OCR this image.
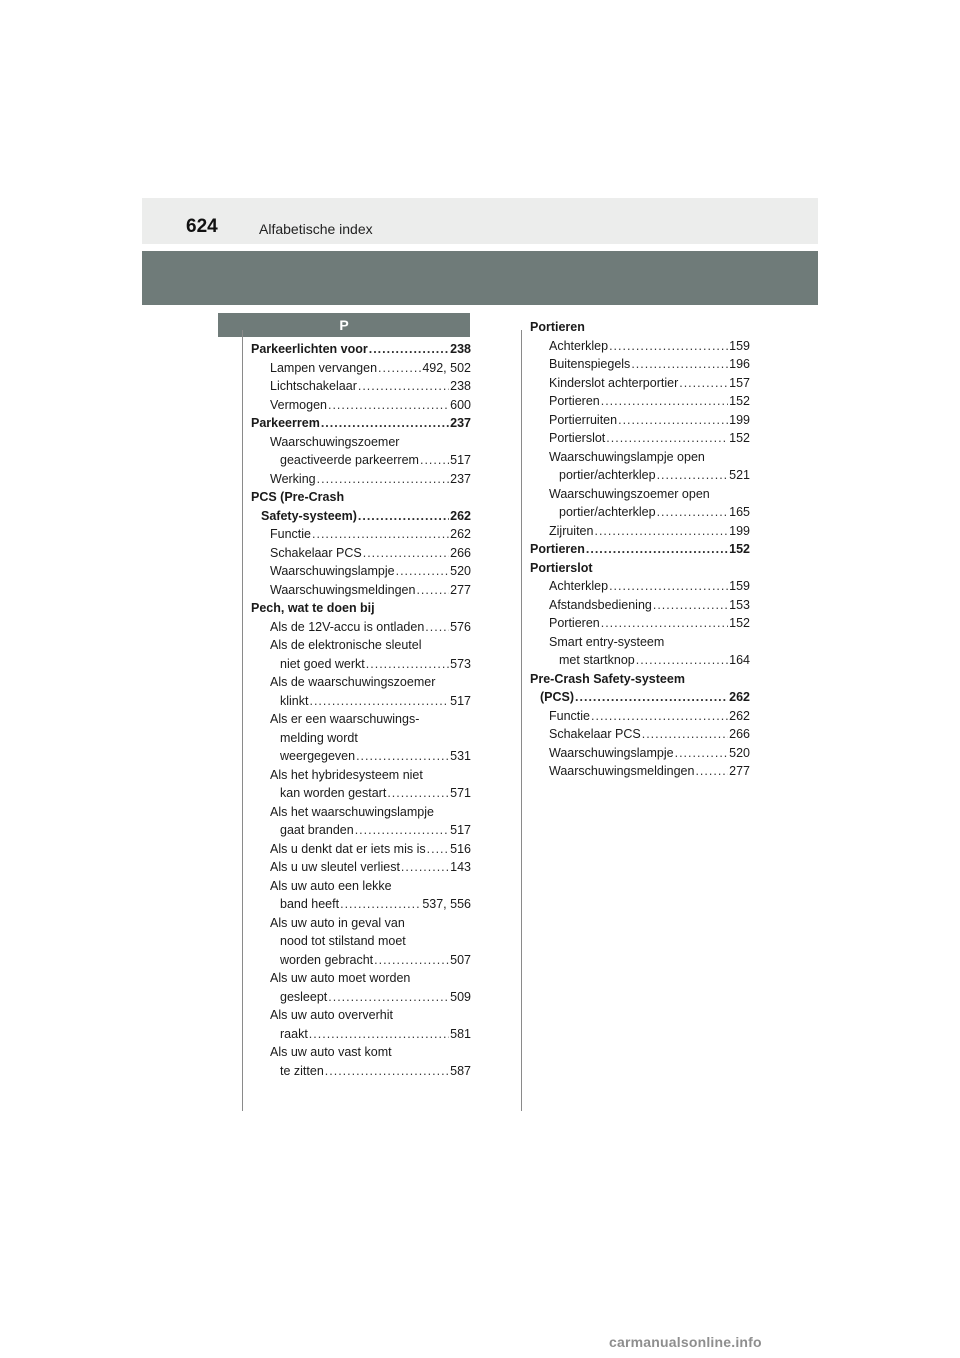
624	Alfabetische index
P
Parkeerlichten voor .....	238
Lampen vervangen .....	492, 502
Lichtschakelaar .....	238
Vermogen .....	600
Parkeerrem .....	237
Waarschuwingszoemer
geactiveerde parkeerrem ..... 517
Werking .....	237
PCS (Pre-Crash
Safety-systeem) .....	262
Functie .....	262
Schakelaar PCS .....	266
Waarschuwingslampje .....	520
Waarschuwingsmeldingen .....	277
Pech, wat te doen bij
Als de 12V-accu is ontladen ..... 576
Als de elektronische sleutel
niet goed werkt .....	573
Als de waarschuwingszoemer
klinkt .....	517
Als er een waarschuwings-
melding wordt
weergegeven .....	531
Als het hybridesysteem niet
kan worden gestart .....	571
Als het waarschuwingslampje
gaat branden .....	517
Als u denkt dat er iets mis is ..... 516
Als u uw sleutel verliest .....	143
Als uw auto een lekke
band heeft .....	537, 556
Als uw auto in geval van
nood tot stilstand moet
worden gebracht .....	507
Als uw auto moet worden
gesleept .....	509
Als uw auto oververhit
raakt .....	581
Als uw auto vast komt
te zitten .....	587
Portieren
Achterklep .....	159
Buitenspiegels .....	196
Kinderslot achterportier .....	157
Portieren .....	152
Portierruiten .....	199
Portierslot .....	152
Waarschuwingslampje open
portier/achterklep .....	521
Waarschuwingszoemer open
portier/achterklep .....	165
Zijruiten .....	199
Portieren .....	152
Portierslot
Achterklep .....	159
Afstandsbediening .....	153
Portieren .....	152
Smart entry-systeem
met startknop .....	164
Pre-Crash Safety-systeem
(PCS) .....	262
Functie .....	262
Schakelaar PCS .....	266
Waarschuwingslampje .....	520
Waarschuwingsmeldingen .....	277
carmanualsonline.info
